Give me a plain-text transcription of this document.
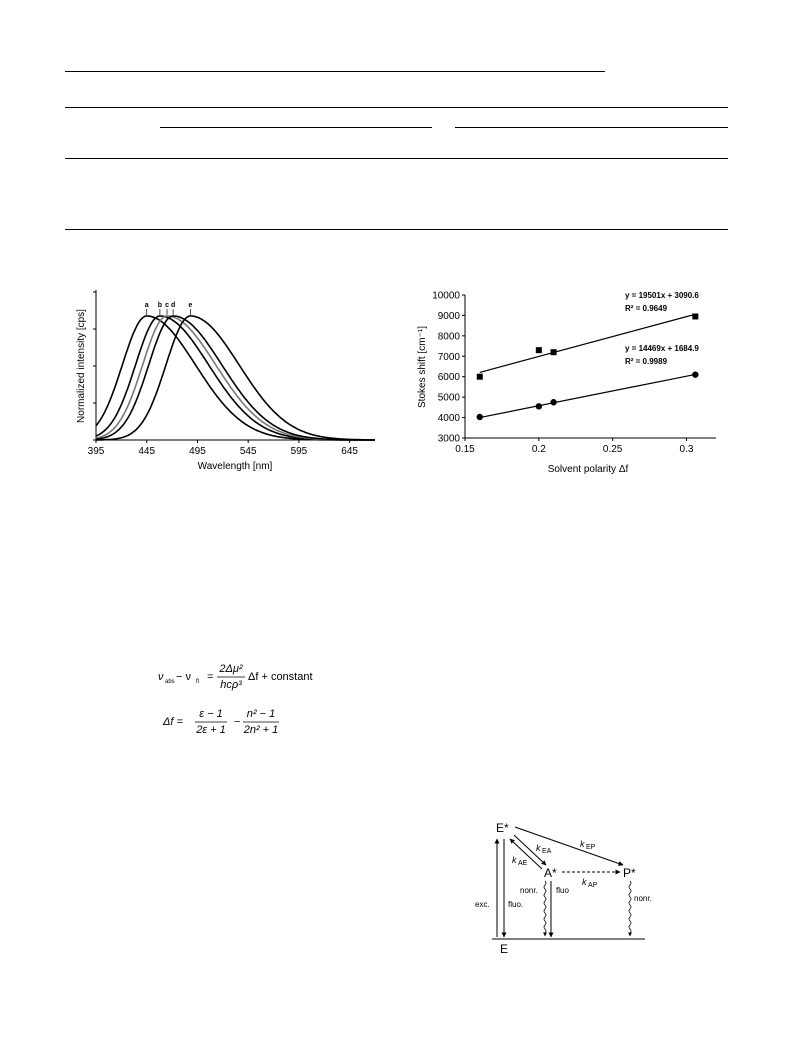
395	445	495	545	595	645
a b c d e
Wavelength [nm]
Normalized intensity [cps]
3000
4000
5000
6000
7000
8000
9000
10000
0.15	0.2	0.25	0.3
y = 19501x + 3090.6
R² = 0.9649
y = 14469x + 1684.9
R² = 0.9989
Solvent polarity Δf
Stokes shift [cm⁻¹]
ν abs − ν fl =
2Δμ²
hcρ³
Δf + constant
Δf =
ε − 1
2ε + 1
−
n² − 1
2n² + 1
E*
A*	P*
E
k EP
k EA
k AE
k AP
exc. fluo.
nonr. fluo
nonr.
